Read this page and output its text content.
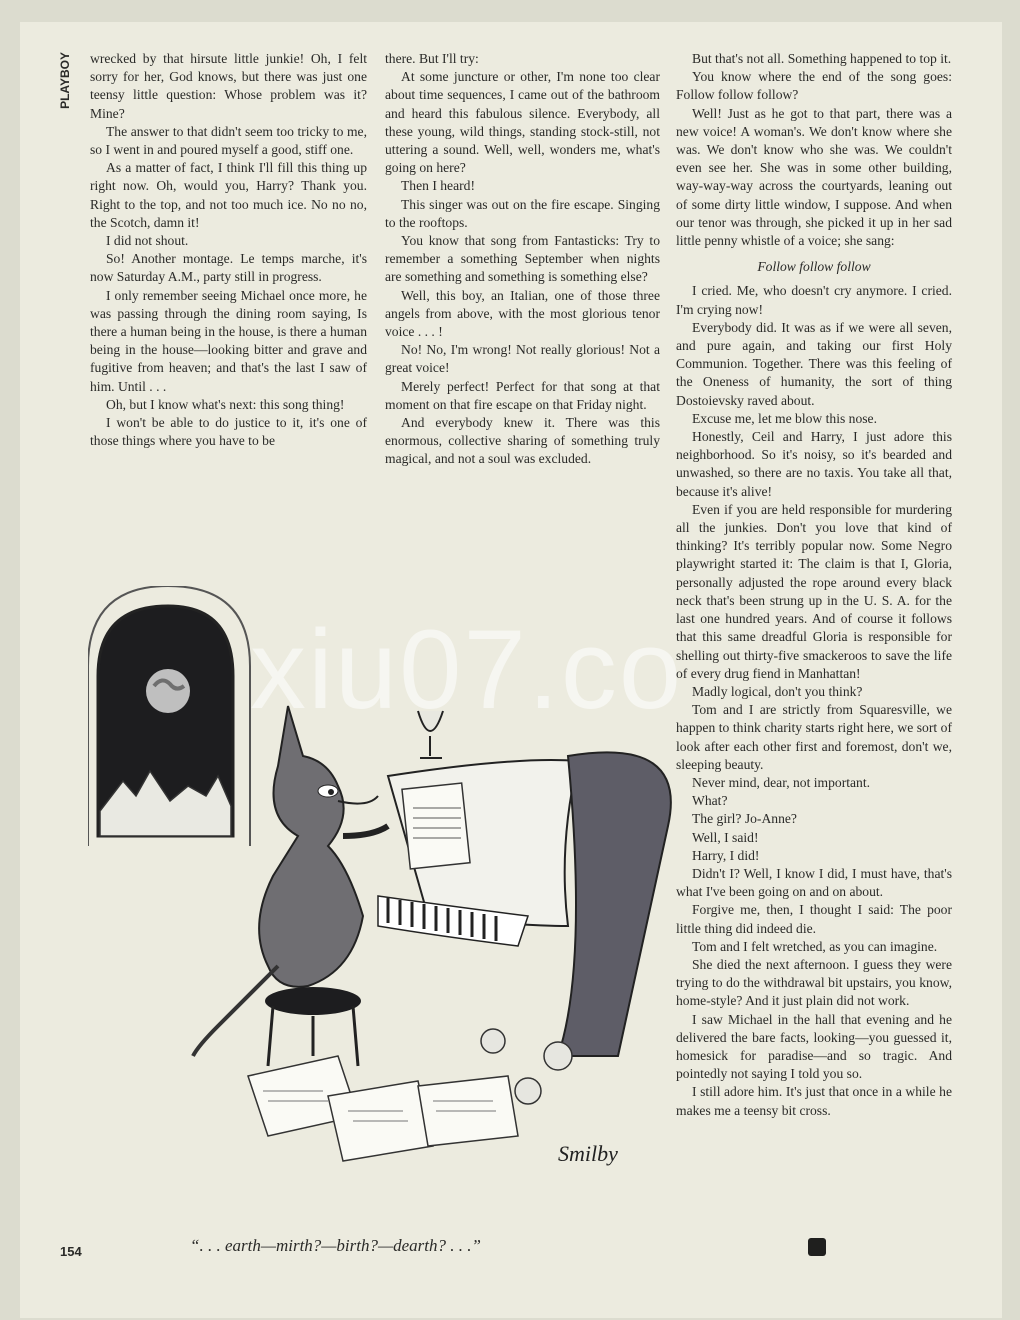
PLAYBOY wrecked by that hirsute little junkie! Oh, I felt sorry for her, God knows, but there was just one teensy little question: Whose problem was it? Mine?

The answer to that didn't seem too tricky to me, so I went in and poured myself a good, stiff one.

As a matter of fact, I think I'll fill this thing up right now. Oh, would you, Harry? Thank you. Right to the top, and not too much ice. No no no, the Scotch, damn it!

I did not shout.

So! Another montage. Le temps marche, it's now Saturday A.M., party still in progress.

I only remember seeing Michael once more, he was passing through the dining room saying, Is there a human being in the house, is there a human being in the house—looking bitter and grave and fugitive from heaven; and that's the last I saw of him. Until . . .

Oh, but I know what's next: this song thing!

I won't be able to do justice to it, it's one of those things where you have to be

there. But I'll try:

At some juncture or other, I'm none too clear about time sequences, I came out of the bathroom and heard this fabulous silence. Everybody, all these young, wild things, standing stock-still, not uttering a sound. Well, well, wonders me, what's going on here?

Then I heard!

This singer was out on the fire escape. Singing to the rooftops.

You know that song from Fantasticks: Try to remember a something September when nights are something and something is something else?

Well, this boy, an Italian, one of those three angels from above, with the most glorious tenor voice . . . !

No! No, I'm wrong! Not really glorious! Not a great voice!

Merely perfect! Perfect for that song at that moment on that fire escape on that Friday night.

And everybody knew it. There was this enormous, collective sharing of something truly magical, and not a soul was excluded.

But that's not all. Something happened to top it.

You know where the end of the song goes: Follow follow follow?

Well! Just as he got to that part, there was a new voice! A woman's. We don't know where she was. We don't know who she was. We couldn't even see her. She was in some other building, way-way-way across the courtyards, leaning out of some dirty little window, I suppose. And when our tenor was through, she picked it up in her sad little penny whistle of a voice; she sang:

Follow follow follow

I cried. Me, who doesn't cry anymore. I cried. I'm crying now!

Everybody did. It was as if we were all seven, and pure again, and taking our first Holy Communion. Together. There was this feeling of the Oneness of humanity, the sort of thing Dostoievsky raved about.

Excuse me, let me blow this nose.

Honestly, Ceil and Harry, I just adore this neighborhood. So it's noisy, so it's bearded and unwashed, so there are no taxis. You take all that, because it's alive!

Even if you are held responsible for murdering all the junkies. Don't you love that kind of thinking? It's terribly popular now. Some Negro playwright started it: The claim is that I, Gloria, personally adjusted the rope around every black neck that's been strung up in the U. S. A. for the last one hundred years. And of course it follows that this same dreadful Gloria is responsible for shelling out thirty-five smackeroos to save the life of every drug fiend in Manhattan!

Madly logical, don't you think?

Tom and I are strictly from Squaresville, we happen to think charity starts right here, we sort of look after each other first and foremost, don't we, sleeping beauty.

Never mind, dear, not important.

What?

The girl? Jo-Anne?

Well, I said!

Harry, I did!

Didn't I? Well, I know I did, I must have, that's what I've been going on and on about.

Forgive me, then, I thought I said: The poor little thing did indeed die.

Tom and I felt wretched, as you can imagine.

She died the next afternoon. I guess they were trying to do the withdrawal bit upstairs, you know, home-style? And it just plain did not work.

I saw Michael in the hall that evening and he delivered the bare facts, looking—you guessed it, homesick for paradise—and so tragic. And pointedly not saying I told you so.

I still adore him. It's just that once in a while he makes me a teensy bit cross.

Smilby
xiu07.co
“. . . earth—mirth?—birth?—dearth? . . .”
154
